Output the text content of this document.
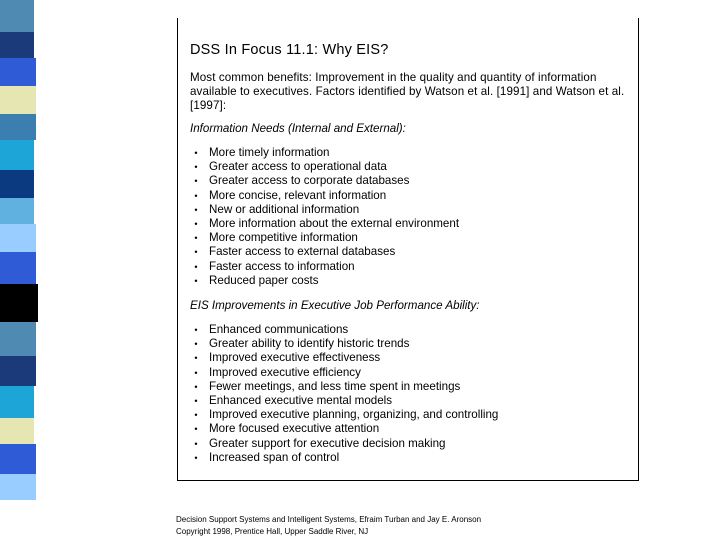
DSS In Focus 11.1: Why EIS?
Most common benefits: Improvement in the quality and quantity of information available to executives. Factors identified by Watson et al. [1991] and Watson et al. [1997]:
Information Needs (Internal and External):
• More timely information
• Greater access to operational data
• Greater access to corporate databases
• More concise, relevant information
• New or additional information
• More information about the external environment
• More competitive information
• Faster access to external databases
• Faster access to information
• Reduced paper costs
EIS Improvements in Executive Job Performance Ability:
• Enhanced communications
• Greater ability to identify historic trends
• Improved executive effectiveness
• Improved executive efficiency
• Fewer meetings, and less time spent in meetings
• Enhanced executive mental models
• Improved executive planning, organizing, and controlling
• More focused executive attention
• Greater support for executive decision making
• Increased span of control
Decision Support Systems and Intelligent Systems, Efraim Turban and Jay E. Aronson
Copyright 1998, Prentice Hall, Upper Saddle River, NJ
